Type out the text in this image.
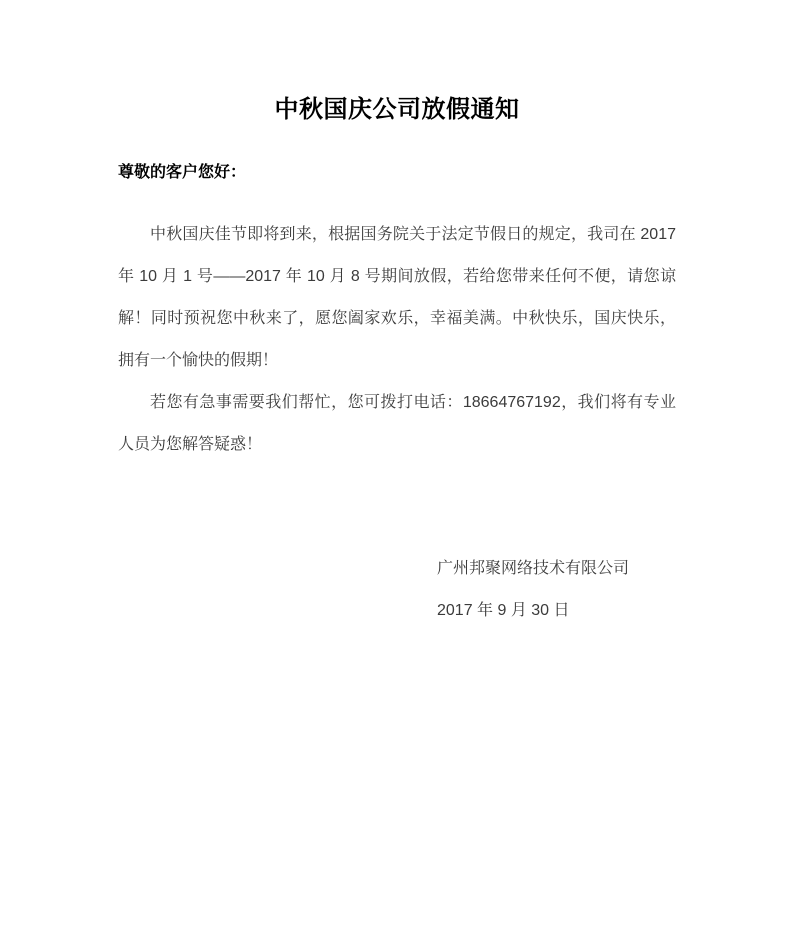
中秋国庆公司放假通知
尊敬的客户您好：

中秋国庆佳节即将到来，根据国务院关于法定节假日的规定，我司在 2017 年 10 月 1 号——2017 年 10 月 8 号期间放假，若给您带来任何不便，请您谅解！同时预祝您中秋来了，愿您阖家欢乐，幸福美满。中秋快乐，国庆快乐，拥有一个愉快的假期！

若您有急事需要我们帮忙，您可拨打电话：18664767192，我们将有专业人员为您解答疑惑！

广州邦聚网络技术有限公司
2017 年 9 月 30 日
